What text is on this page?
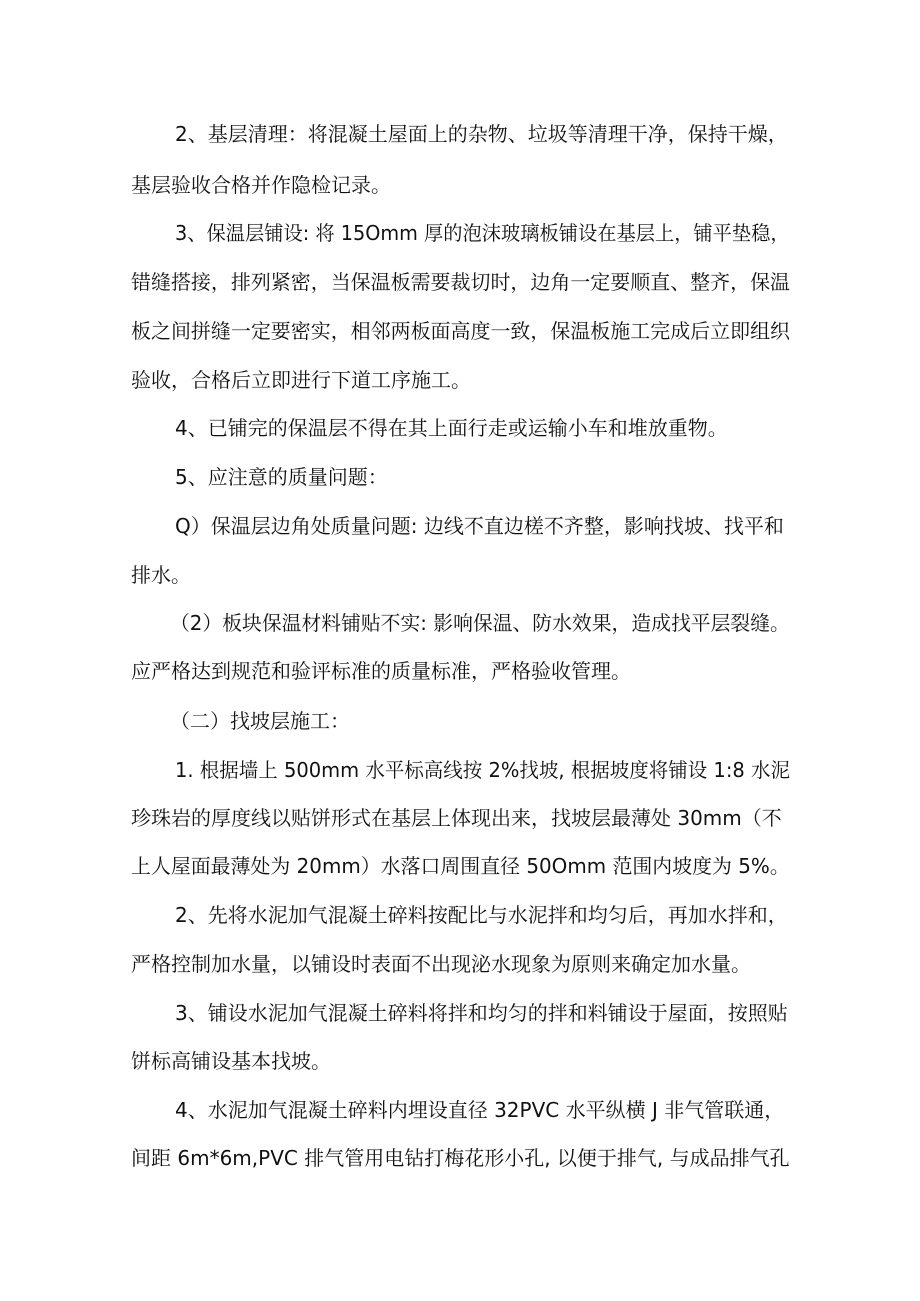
2、基层清理：将混凝土屋面上的杂物、垃圾等清理干净，保持干燥，
基层验收合格并作隐检记录。
3、保温层铺设: 将 15Omm 厚的泡沫玻璃板铺设在基层上，铺平垫稳，
错缝搭接，排列紧密，当保温板需要裁切时，边角一定要顺直、整齐，保温
板之间拼缝一定要密实，相邻两板面高度一致，保温板施工完成后立即组织
验收，合格后立即进行下道工序施工。
4、已铺完的保温层不得在其上面行走或运输小车和堆放重物。
5、应注意的质量问题：
Q）保温层边角处质量问题: 边线不直边槎不齐整，影响找坡、找平和
排水。
（2）板块保温材料铺贴不实: 影响保温、防水效果，造成找平层裂缝。
应严格达到规范和验评标准的质量标准，严格验收管理。
（二）找坡层施工：
1. 根据墙上 500mm 水平标高线按 2%找坡, 根据坡度将铺设 1:8 水泥
珍珠岩的厚度线以贴饼形式在基层上体现出来，找坡层最薄处 30mm（不
上人屋面最薄处为 20mm）水落口周围直径 50Omm 范围内坡度为 5%。
2、先将水泥加气混凝土碎料按配比与水泥拌和均匀后，再加水拌和，
严格控制加水量，以铺设时表面不出现泌水现象为原则来确定加水量。
3、铺设水泥加气混凝土碎料将拌和均匀的拌和料铺设于屋面，按照贴
饼标高铺设基本找坡。
4、水泥加气混凝土碎料内埋设直径 32PVC 水平纵横 J 非气管联通，
间距 6m*6m,PVC 排气管用电钻打梅花形小孔, 以便于排气, 与成品排气孔
